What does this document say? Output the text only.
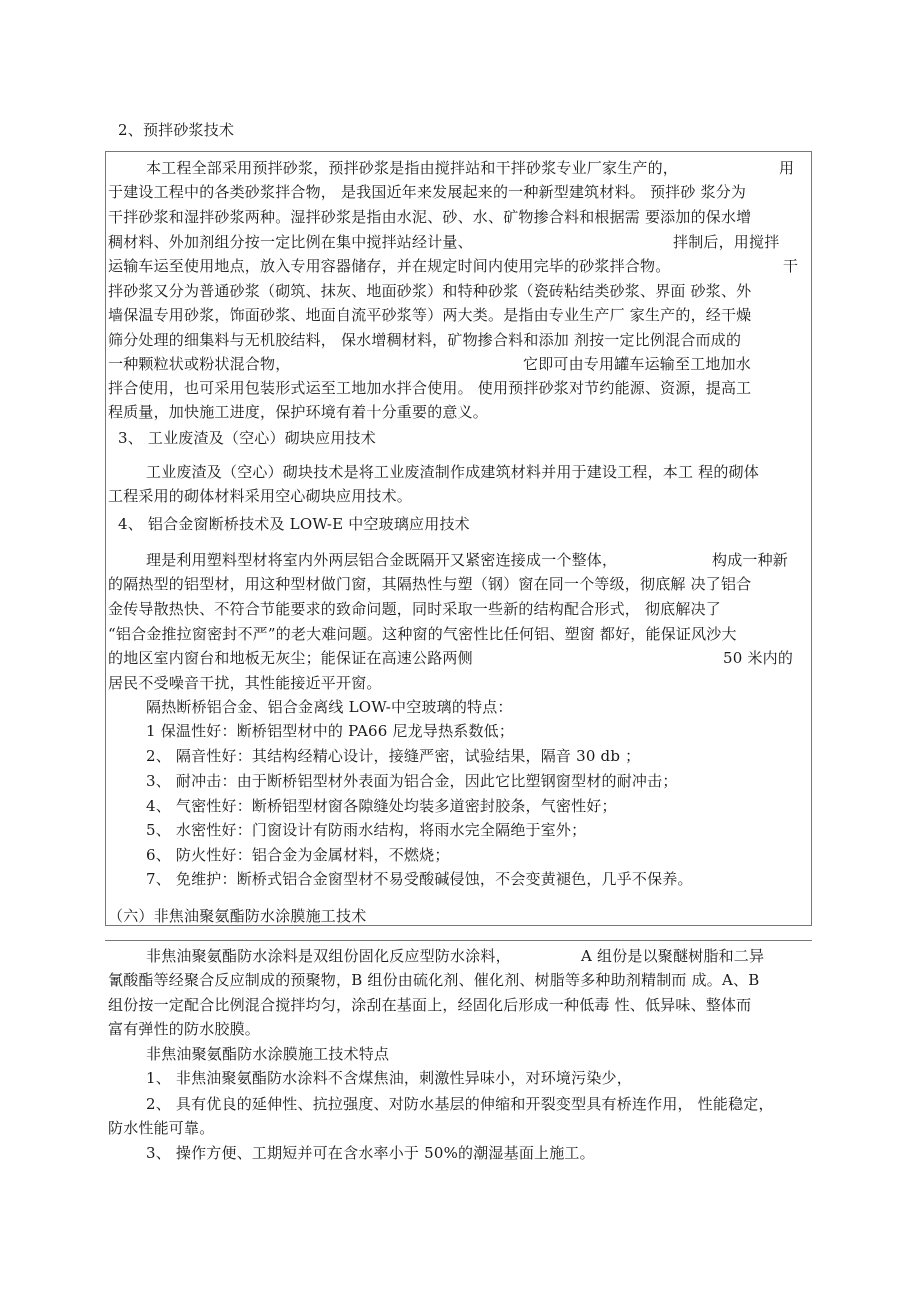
2、预拌砂浆技术
本工程全部采用预拌砂浆，预拌砂浆是指由搅拌站和干拌砂浆专业厂家生产的，	用
于建设工程中的各类砂浆拌合物， 是我国近年来发展起来的一种新型建筑材料。 预拌砂 浆分为
干拌砂浆和湿拌砂浆两种。湿拌砂浆是指由水泥、砂、水、矿物掺合料和根据需 要添加的保水增
稠材料、外加剂组分按一定比例在集中搅拌站经计量、	拌制后，用搅拌
运输车运至使用地点，放入专用容器储存，并在规定时间内使用完毕的砂浆拌合物。	干
拌砂浆又分为普通砂浆（砌筑、抹灰、地面砂浆）和特种砂浆（瓷砖粘结类砂浆、界面 砂浆、外
墙保温专用砂浆，饰面砂浆、地面自流平砂浆等）两大类。是指由专业生产厂 家生产的，经干燥
筛分处理的细集料与无机胶结料， 保水增稠材料，矿物掺合料和添加 剂按一定比例混合而成的
一种颗粒状或粉状混合物，	它即可由专用罐车运输至工地加水
拌合使用，也可采用包装形式运至工地加水拌合使用。 使用预拌砂浆对节约能源、资源，提高工
程质量，加快施工进度，保护环境有着十分重要的意义。
3、 工业废渣及（空心）砌块应用技术
工业废渣及（空心）砌块技术是将工业废渣制作成建筑材料并用于建设工程，本工 程的砌体
工程采用的砌体材料采用空心砌块应用技术。
4、 铝合金窗断桥技术及 LOW-E 中空玻璃应用技术
理是利用塑料型材将室内外两层铝合金既隔开又紧密连接成一个整体，	构成一种新
的隔热型的铝型材，用这种型材做门窗，其隔热性与塑（钢）窗在同一个等级，彻底解 决了铝合
金传导散热快、不符合节能要求的致命问题，同时采取一些新的结构配合形式， 彻底解决了
“铝合金推拉窗密封不严”的老大难问题。这种窗的气密性比任何铝、塑窗 都好，能保证风沙大
的地区室内窗台和地板无灰尘；能保证在高速公路两侧	50 米内的
居民不受噪音干扰，其性能接近平开窗。
隔热断桥铝合金、铝合金离线 LOW-中空玻璃的特点：
1 保温性好：断桥铝型材中的 PA66 尼龙导热系数低；
2、 隔音性好：其结构经精心设计，接缝严密，试验结果，隔音 30 db ；
3、 耐冲击：由于断桥铝型材外表面为铝合金，因此它比塑钢窗型材的耐冲击；
4、 气密性好：断桥铝型材窗各隙缝处均装多道密封胶条，气密性好；
5、 水密性好：门窗设计有防雨水结构，将雨水完全隔绝于室外；
6、 防火性好：铝合金为金属材料，不燃烧；
7、 免维护：断桥式铝合金窗型材不易受酸碱侵蚀，不会变黄褪色，几乎不保养。
（六）非焦油聚氨酯防水涂膜施工技术
非焦油聚氨酯防水涂料是双组份固化反应型防水涂料，	A 组份是以聚醚树脂和二异
氰酸酯等经聚合反应制成的预聚物，B 组份由硫化剂、催化剂、树脂等多种助剂精制而 成。A、B
组份按一定配合比例混合搅拌均匀，涂刮在基面上，经固化后形成一种低毒 性、低异味、整体而
富有弹性的防水胶膜。
非焦油聚氨酯防水涂膜施工技术特点
1、 非焦油聚氨酯防水涂料不含煤焦油，刺激性异味小，对环境污染少，
2、 具有优良的延伸性、抗拉强度、对防水基层的伸缩和开裂变型具有桥连作用， 性能稳定，
防水性能可靠。
3、 操作方便、工期短并可在含水率小于 50%的潮湿基面上施工。
